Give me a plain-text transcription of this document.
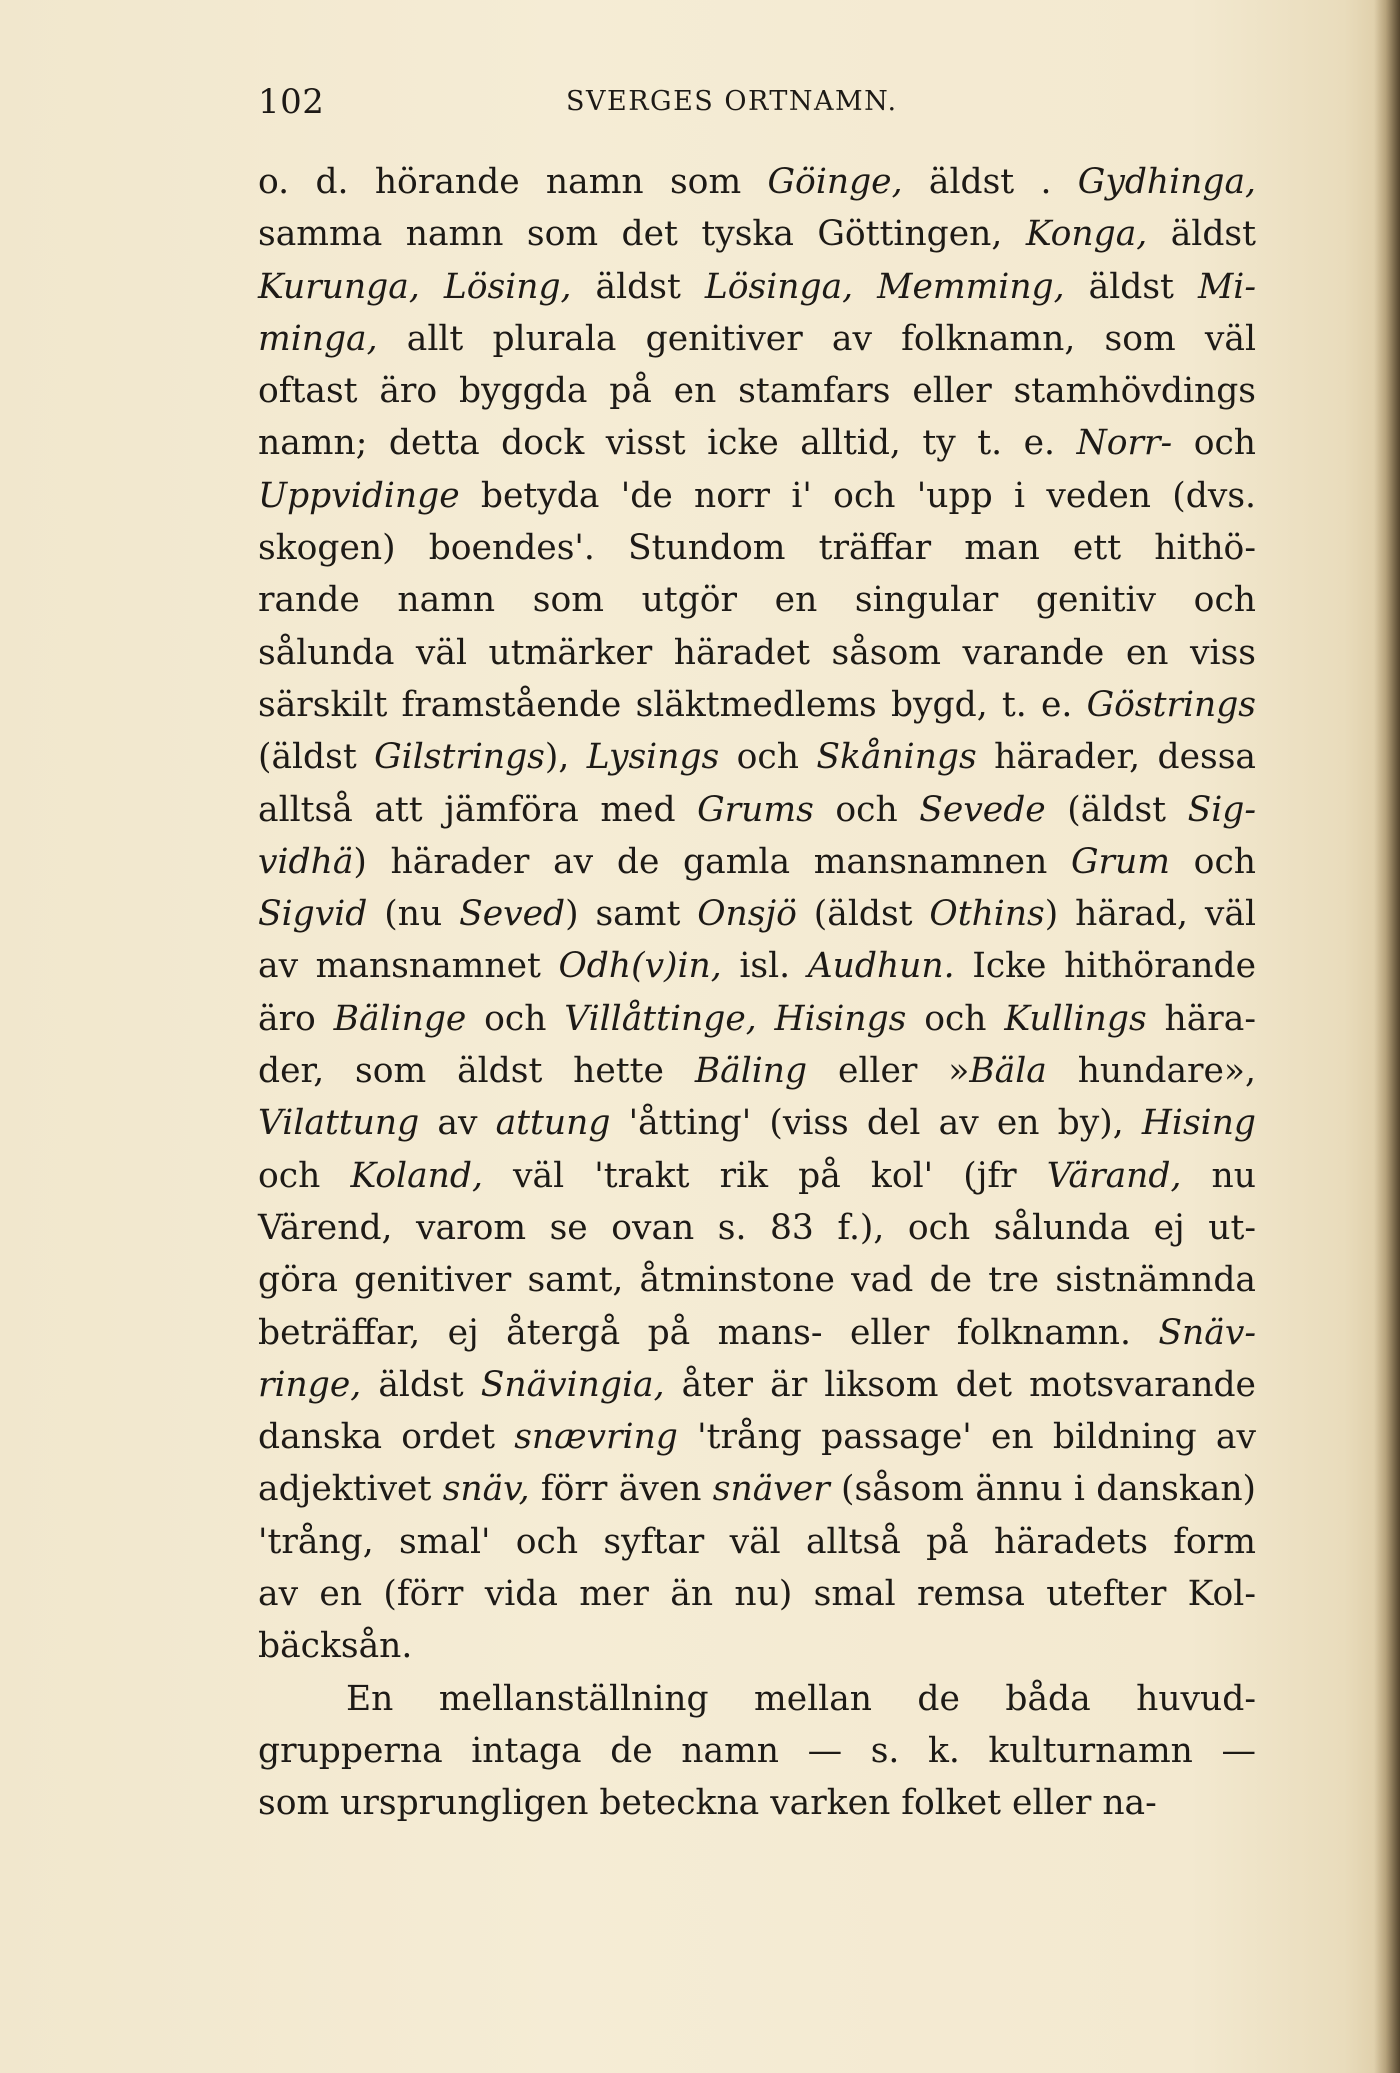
102	SVERGES ORTNAMN.
o. d. hörande namn som Göinge, äldst . Gydhinga,
samma namn som det tyska Göttingen, Konga, äldst
Kurunga, Lösing, äldst Lösinga, Memming, äldst Mi-
minga, allt plurala genitiver av folknamn, som väl
oftast äro byggda på en stamfars eller stamhövdings
namn; detta dock visst icke alltid, ty t. e. Norr- och
Uppvidinge betyda 'de norr i' och 'upp i veden (dvs.
skogen) boendes'. Stundom träffar man ett hithö-
rande namn som utgör en singular genitiv och
sålunda väl utmärker häradet såsom varande en viss
särskilt framstående släktmedlems bygd, t. e. Göstrings
(äldst Gilstrings), Lysings och Skånings härader, dessa
alltså att jämföra med Grums och Sevede (äldst Sig-
vidhä) härader av de gamla mansnamnen Grum och
Sigvid (nu Seved) samt Onsjö (äldst Othins) härad, väl
av mansnamnet Odh(v)in, isl. Audhun. Icke hithörande
äro Bälinge och Villåttinge, Hisings och Kullings härа-
der, som äldst hette Bäling eller »Bäla hundare»,
Vilattung av attung 'åtting' (viss del av en by), Hising
och Koland, väl 'trakt rik på kol' (jfr Värand, nu
Värend, varom se ovan s. 83 f.), och sålunda ej ut-
göra genitiver samt, åtminstone vad de tre sistnämnda
beträffar, ej återgå på mans- eller folknamn. Snäv-
ringe, äldst Snävingia, åter är liksom det motsvarande
danska ordet snævring 'trång passage' en bildning av
adjektivet snäv, förr även snäver (såsom ännu i danskan)
'trång, smal' och syftar väl alltså på häradets form
av en (förr vida mer än nu) smal remsa utefter Kol-
bäcksån.
En mellanställning mellan de båda huvud-
grupperna intaga de namn — s. k. kulturnamn —
som ursprungligen beteckna varken folket eller na-
